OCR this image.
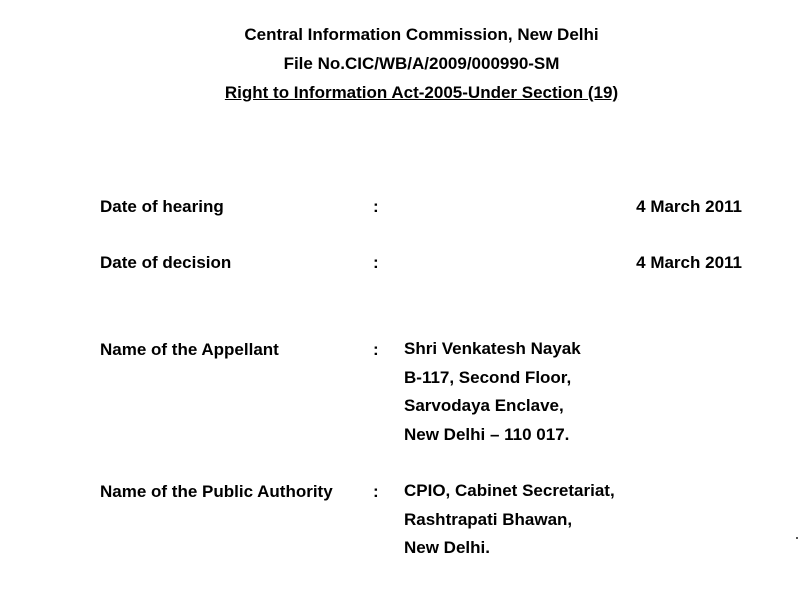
Central Information Commission, New Delhi
File No.CIC/WB/A/2009/000990-SM
Right to Information Act-2005-Under Section (19)
Date of hearing	:	4 March 2011
Date of decision	:	4 March 2011
Name of the Appellant	: Shri Venkatesh Nayak
B-117, Second Floor,
Sarvodaya Enclave,
New Delhi – 110 017.
Name of the Public Authority : CPIO, Cabinet Secretariat,
Rashtrapati Bhawan,
New Delhi.
